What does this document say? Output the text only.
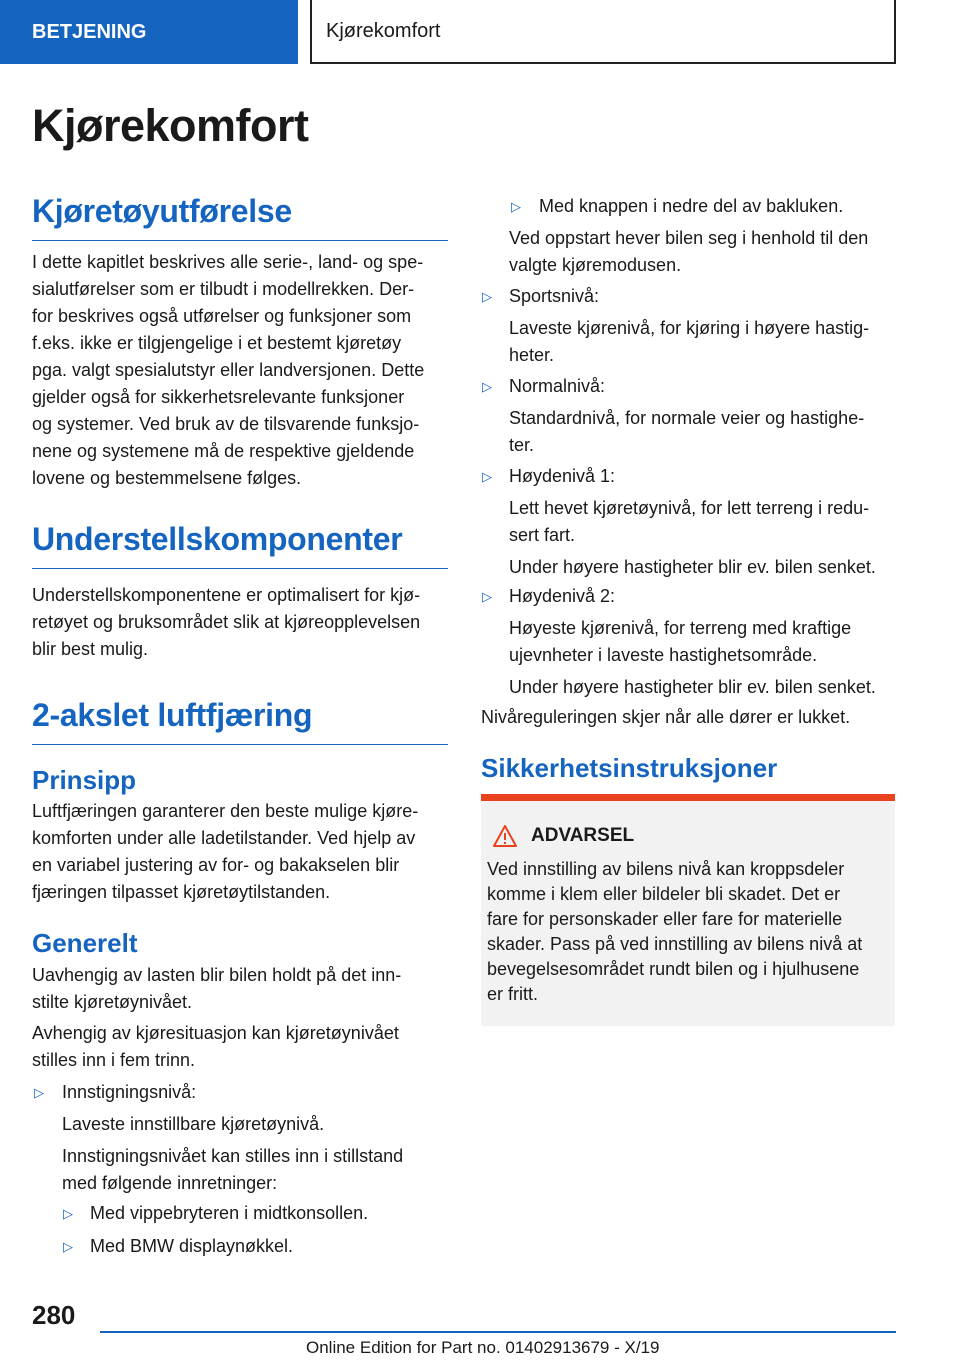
BETJENING	Kjørekomfort
Kjørekomfort
Kjøretøyutførelse

I dette kapitlet beskrives alle serie-, land- og spe-

sialutførelser som er tilbudt i modellrekken. Der-

for beskrives også utførelser og funksjoner som

f.eks. ikke er tilgjengelige i et bestemt kjøretøy

pga. valgt spesialutstyr eller landversjonen. Dette

gjelder også for sikkerhetsrelevante funksjoner

og systemer. Ved bruk av de tilsvarende funksjo-

nene og systemene må de respektive gjeldende

lovene og bestemmelsene følges.

Understellskomponenter

Understellskomponentene er optimalisert for kjø-

retøyet og bruksområdet slik at kjøreopplevelsen

blir best mulig.

2-akslet luftfjæring
Prinsipp

Luftfjæringen garanterer den beste mulige kjøre-

komforten under alle ladetilstander. Ved hjelp av

en variabel justering av for- og bakakselen blir

fjæringen tilpasset kjøretøytilstanden.

Generelt

Uavhengig av lasten blir bilen holdt på det inn-

stilte kjøretøynivået.

Avhengig av kjøresituasjon kan kjøretøynivået

stilles inn i fem trinn.

▷ Innstigningsnivå:

Laveste innstillbare kjøretøynivå.

Innstigningsnivået kan stilles inn i stillstand

med følgende innretninger:

▷ Med vippebryteren i midtkonsollen.

▷ Med BMW displaynøkkel.

▷ Med knappen i nedre del av bakluken.

Ved oppstart hever bilen seg i henhold til den

valgte kjøremodusen.

▷ Sportsnivå:

Laveste kjørenivå, for kjøring i høyere hastig-

heter.

▷ Normalnivå:

Standardnivå, for normale veier og hastighe-

ter.

▷ Høydenivå 1:

Lett hevet kjøretøynivå, for lett terreng i redu-

sert fart.

Under høyere hastigheter blir ev. bilen senket.

▷ Høydenivå 2:

Høyeste kjørenivå, for terreng med kraftige

ujevnheter i laveste hastighetsområde.

Under høyere hastigheter blir ev. bilen senket.

Nivåreguleringen skjer når alle dører er lukket.

Sikkerhetsinstruksjoner
ADVARSEL

Ved innstilling av bilens nivå kan kroppsdeler

komme i klem eller bildeler bli skadet. Det er

fare for personskader eller fare for materielle

skader. Pass på ved innstilling av bilens nivå at

bevegelsesområdet rundt bilen og i hjulhusene

er fritt.

280
Online Edition for Part no. 01402913679 - X/19
